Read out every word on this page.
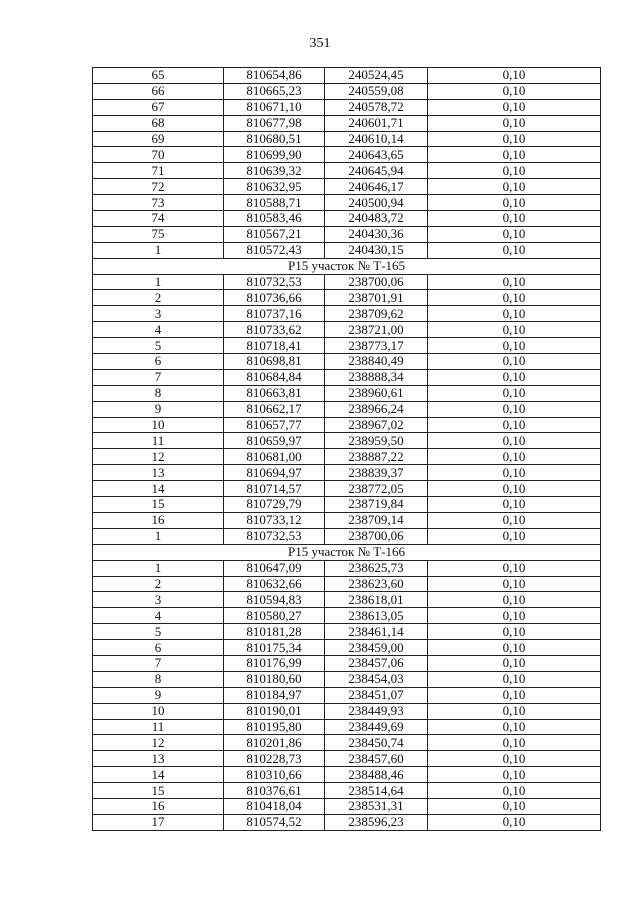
351
65	810654,86	240524,45	0,10
66	810665,23	240559,08	0,10
67	810671,10	240578,72	0,10
68	810677,98	240601,71	0,10
69	810680,51	240610,14	0,10
70	810699,90	240643,65	0,10
71	810639,32	240645,94	0,10
72	810632,95	240646,17	0,10
73	810588,71	240500,94	0,10
74	810583,46	240483,72	0,10
75	810567,21	240430,36	0,10
1	810572,43	240430,15	0,10
Р15 участок № Т-165			
1	810732,53	238700,06	0,10
2	810736,66	238701,91	0,10
3	810737,16	238709,62	0,10
4	810733,62	238721,00	0,10
5	810718,41	238773,17	0,10
6	810698,81	238840,49	0,10
7	810684,84	238888,34	0,10
8	810663,81	238960,61	0,10
9	810662,17	238966,24	0,10
10	810657,77	238967,02	0,10
11	810659,97	238959,50	0,10
12	810681,00	238887,22	0,10
13	810694,97	238839,37	0,10
14	810714,57	238772,05	0,10
15	810729,79	238719,84	0,10
16	810733,12	238709,14	0,10
1	810732,53	238700,06	0,10
Р15 участок № Т-166			
1	810647,09	238625,73	0,10
2	810632,66	238623,60	0,10
3	810594,83	238618,01	0,10
4	810580,27	238613,05	0,10
5	810181,28	238461,14	0,10
6	810175,34	238459,00	0,10
7	810176,99	238457,06	0,10
8	810180,60	238454,03	0,10
9	810184,97	238451,07	0,10
10	810190,01	238449,93	0,10
11	810195,80	238449,69	0,10
12	810201,86	238450,74	0,10
13	810228,73	238457,60	0,10
14	810310,66	238488,46	0,10
15	810376,61	238514,64	0,10
16	810418,04	238531,31	0,10
17	810574,52	238596,23	0,10
